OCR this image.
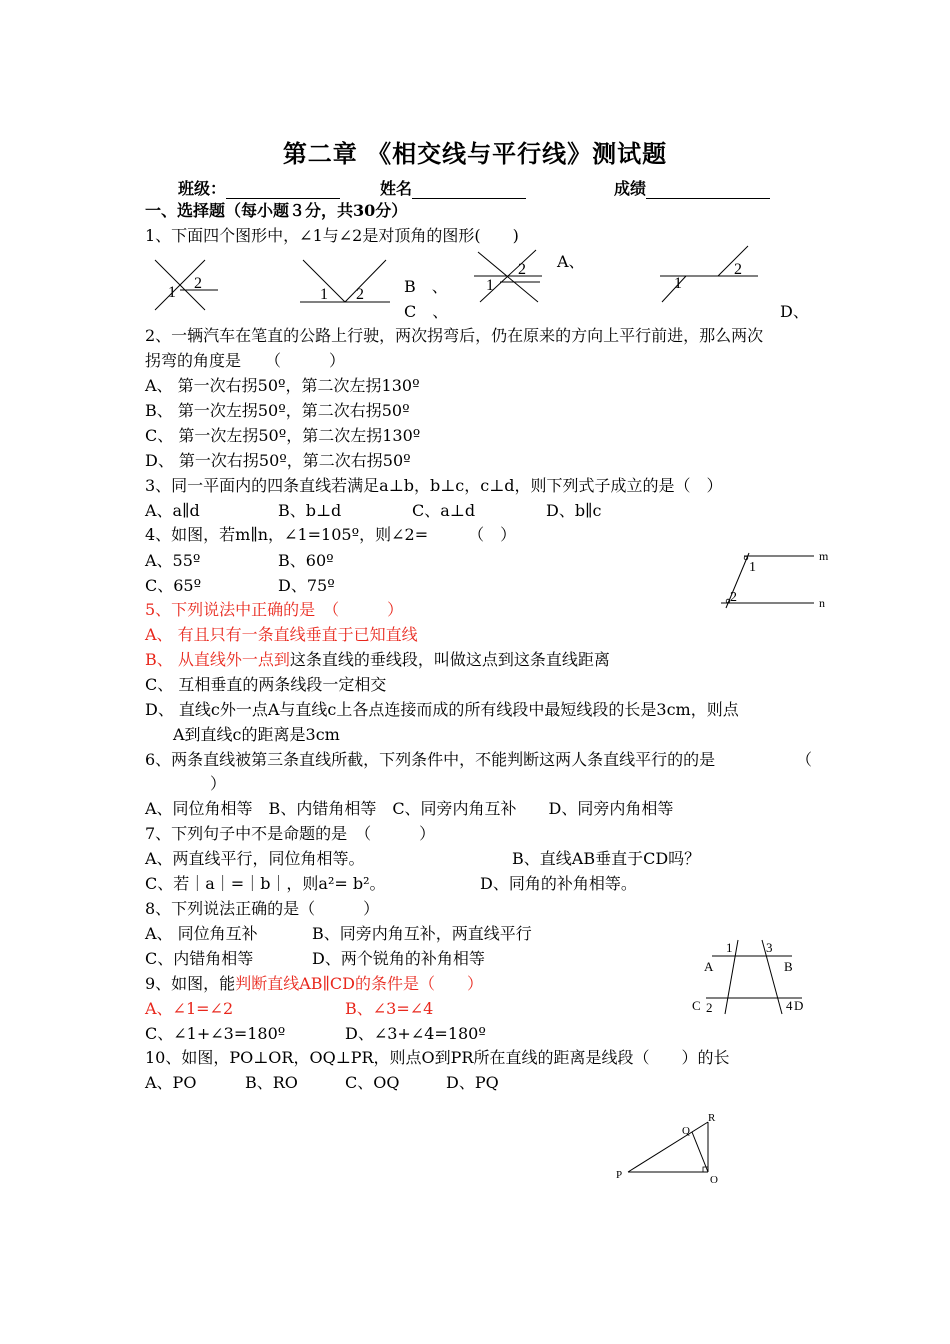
第二章 《相交线与平行线》测试题
班级：	姓名	成绩
一、选择题（每小题３分，共30分）
1、下面四个图形中，∠1与∠2是对顶角的图形(　　)
1
2
1 2	B　、
C　、
1
2 A、
1
2
D、
2、一辆汽车在笔直的公路上行驶，两次拐弯后，仍在原来的方向上平行前进，那么两次
拐弯的角度是　　（　　　）
A、 第一次右拐50º，第二次左拐130º
B、 第一次左拐50º，第二次右拐50º
C、 第一次左拐50º，第二次左拐130º
D、 第一次右拐50º，第二次右拐50º
3、同一平面内的四条直线若满足a⊥b，b⊥c，c⊥d，则下列式子成立的是（　）
A、a∥d	B、b⊥d	C、a⊥d	D、b∥c
4、如图，若m∥n，∠1=105º，则∠2=　　　（　）
A、55º	B、60º
C、65º	D、75º
1
2
m
n
5、下列说法中正确的是　（　　　）
A、 有且只有一条直线垂直于已知直线
B、 从直线外一点到这条直线的垂线段，叫做这点到这条直线距离
C、 互相垂直的两条线段一定相交
D、 直线c外一点A与直线c上各点连接而成的所有线段中最短线段的长是3cm，则点
A到直线c的距离是3cm
6、两条直线被第三条直线所截，下列条件中，不能判断这两人条直线平行的的是	（
）
A、同位角相等　B、内错角相等　C、同旁内角互补　　D、同旁内角相等
7、下列句子中不是命题的是　（　　　）
A、两直线平行，同位角相等。	B、直线AB垂直于CD吗？
C、若｜a｜=｜b｜，则a²= b²。	D、同角的补角相等。
8、下列说法正确的是（　　　）
A、 同位角互补	B、同旁内角互补，两直线平行
C、内错角相等	D、两个锐角的补角相等
1	3
A	B
C 2	4 D
9、如图，能判断直线AB∥CD的条件是（　　）
A、∠1=∠2	B、∠3=∠4
C、∠1+∠3=180º	D、∠3+∠4=180º
10、如图，PO⊥OR，OQ⊥PR，则点O到PR所在直线的距离是线段（　　）的长
A、PO	B、RO	C、OQ	D、PQ
P
Q
R
O
